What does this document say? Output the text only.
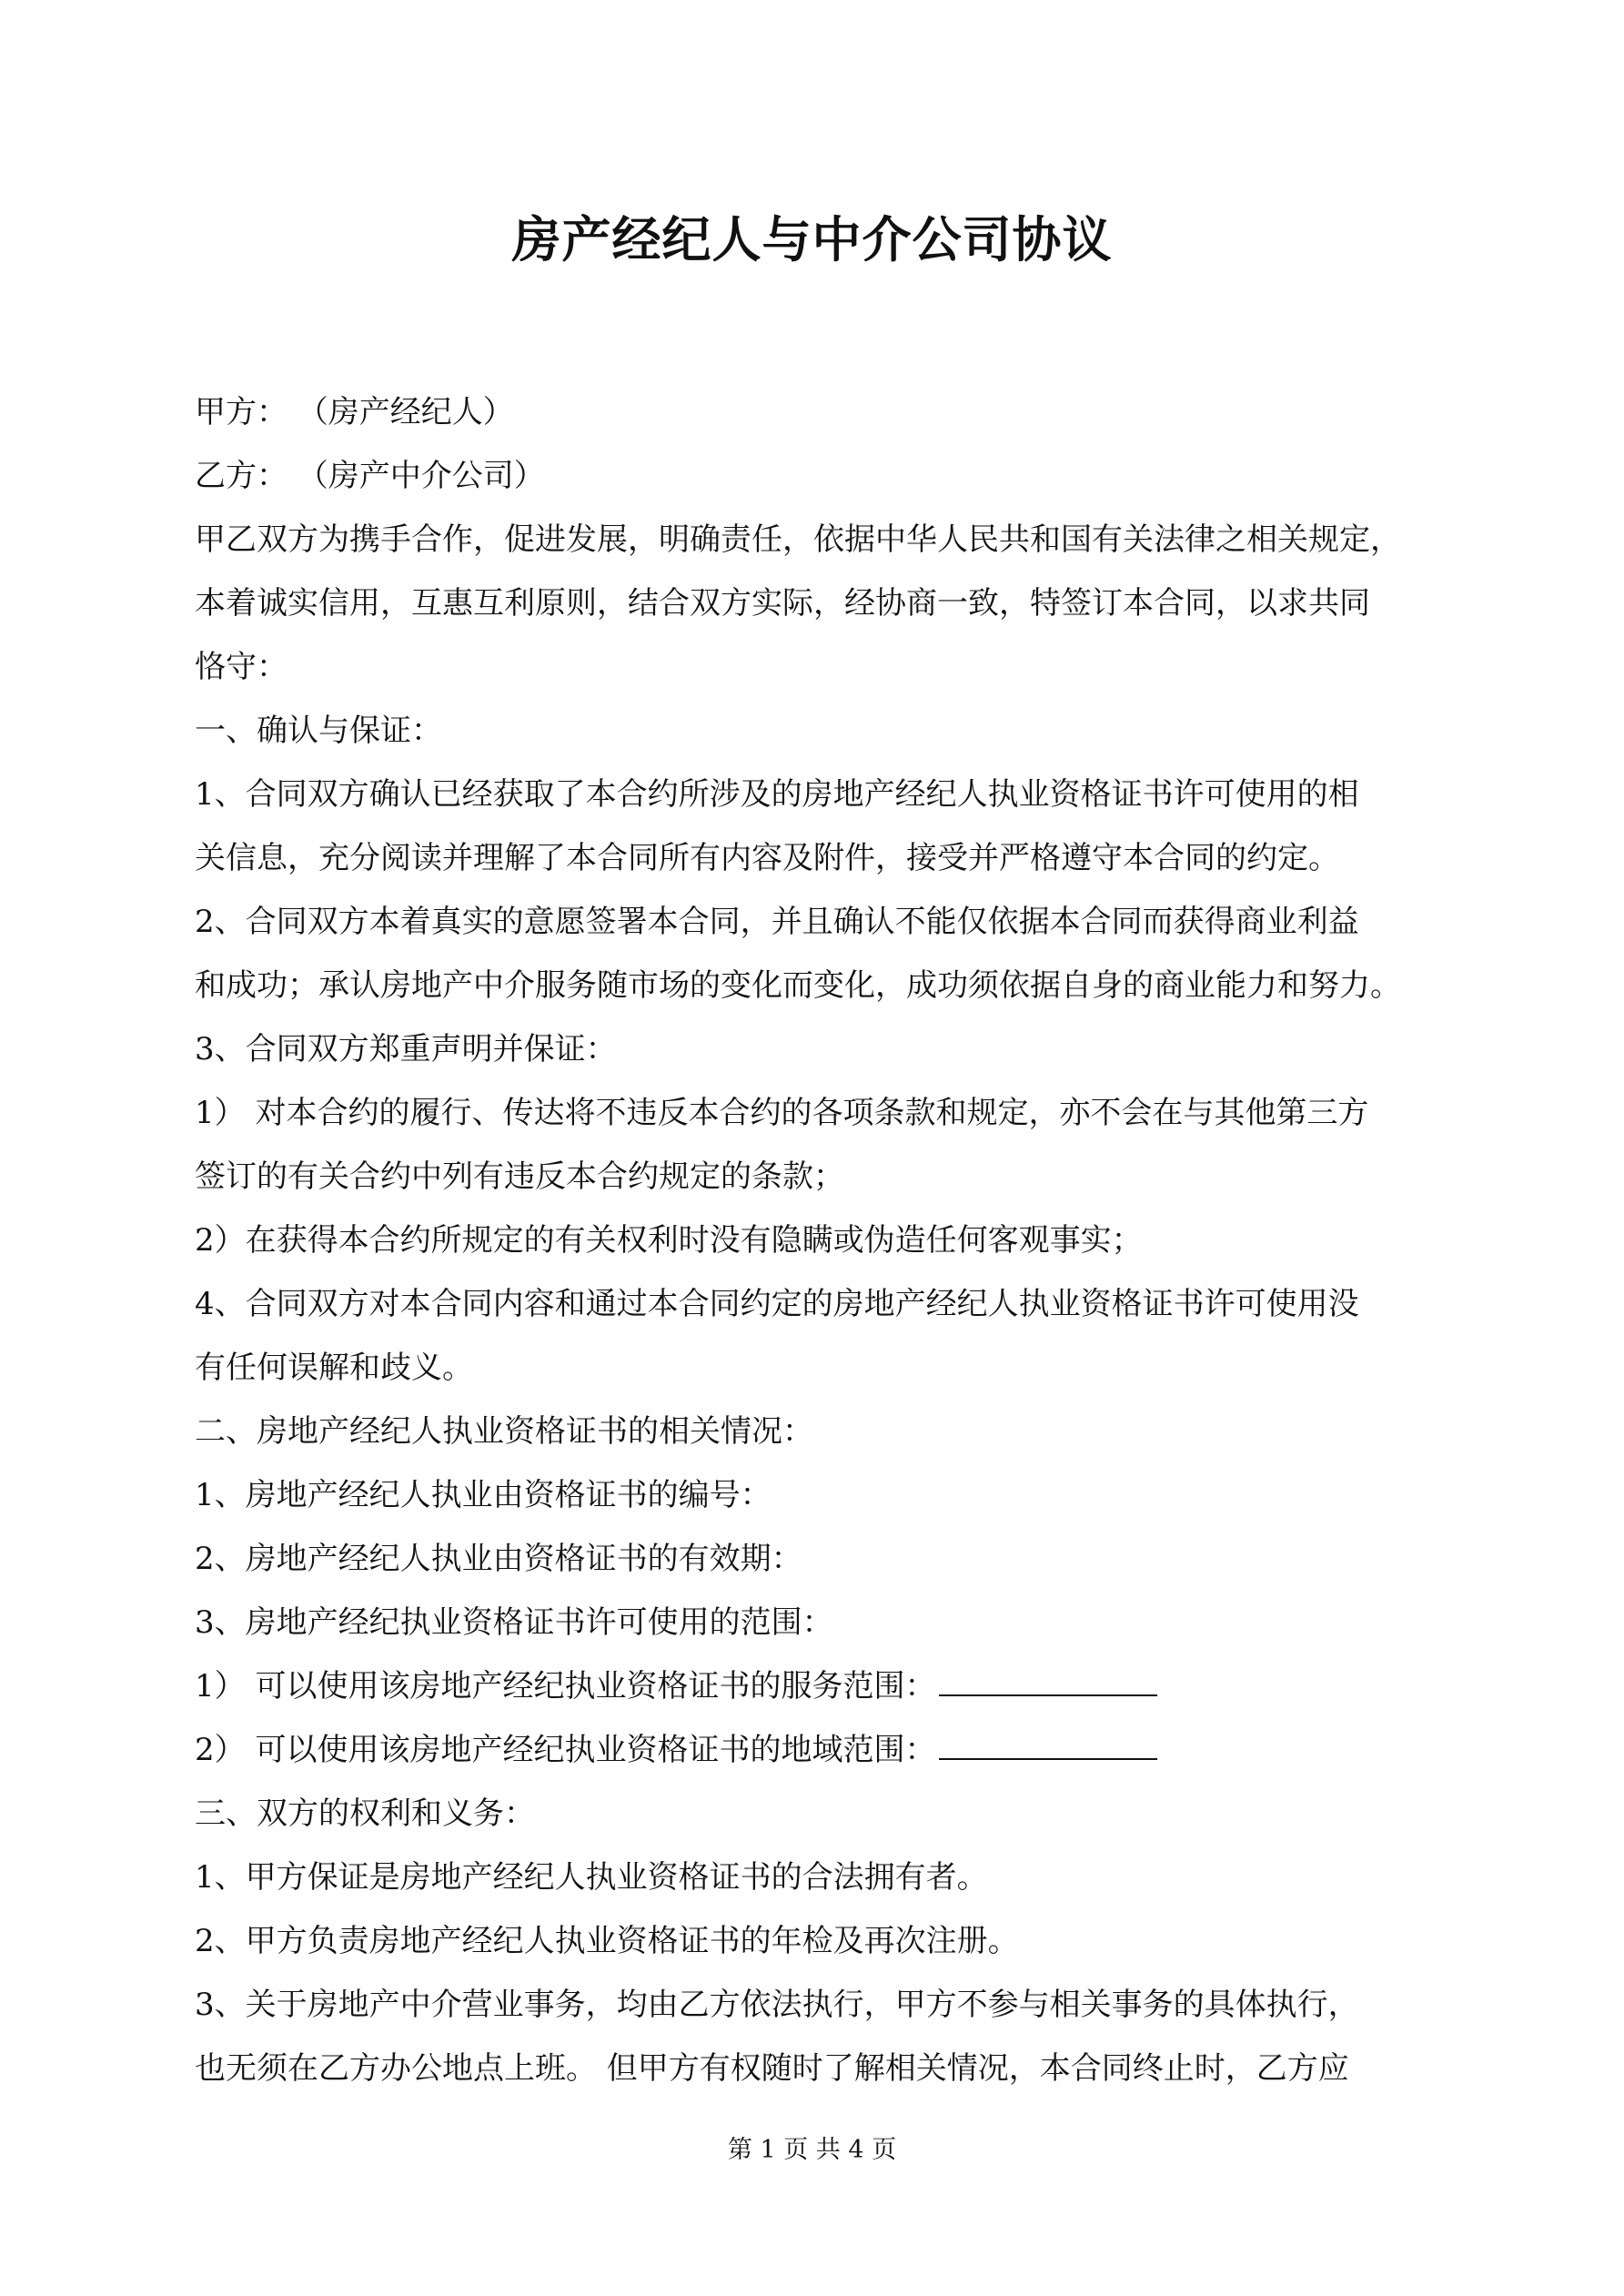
房产经纪人与中介公司协议

甲方： （房产经纪人）

乙方： （房产中介公司）

甲乙双方为携手合作，促进发展，明确责任，依据中华人民共和国有关法律之相关规定，

本着诚实信用，互惠互利原则，结合双方实际，经协商一致，特签订本合同，以求共同

恪守：

一、确认与保证：

1、合同双方确认已经获取了本合约所涉及的房地产经纪人执业资格证书许可使用的相

关信息，充分阅读并理解了本合同所有内容及附件，接受并严格遵守本合同的约定。

2、合同双方本着真实的意愿签署本合同，并且确认不能仅依据本合同而获得商业利益

和成功；承认房地产中介服务随市场的变化而变化，成功须依据自身的商业能力和努力。

3、合同双方郑重声明并保证：

1） 对本合约的履行、传达将不违反本合约的各项条款和规定，亦不会在与其他第三方

签订的有关合约中列有违反本合约规定的条款；

2）在获得本合约所规定的有关权利时没有隐瞒或伪造任何客观事实；

4、合同双方对本合同内容和通过本合同约定的房地产经纪人执业资格证书许可使用没

有任何误解和歧义。

二、房地产经纪人执业资格证书的相关情况：

1、房地产经纪人执业由资格证书的编号：

2、房地产经纪人执业由资格证书的有效期：

3、房地产经纪执业资格证书许可使用的范围：

1） 可以使用该房地产经纪执业资格证书的服务范围：

2） 可以使用该房地产经纪执业资格证书的地域范围：

三、双方的权利和义务：

1、甲方保证是房地产经纪人执业资格证书的合法拥有者。

2、甲方负责房地产经纪人执业资格证书的年检及再次注册。

3、关于房地产中介营业事务，均由乙方依法执行，甲方不参与相关事务的具体执行，

也无须在乙方办公地点上班。 但甲方有权随时了解相关情况，本合同终止时，乙方应

第 1 页 共 4 页
